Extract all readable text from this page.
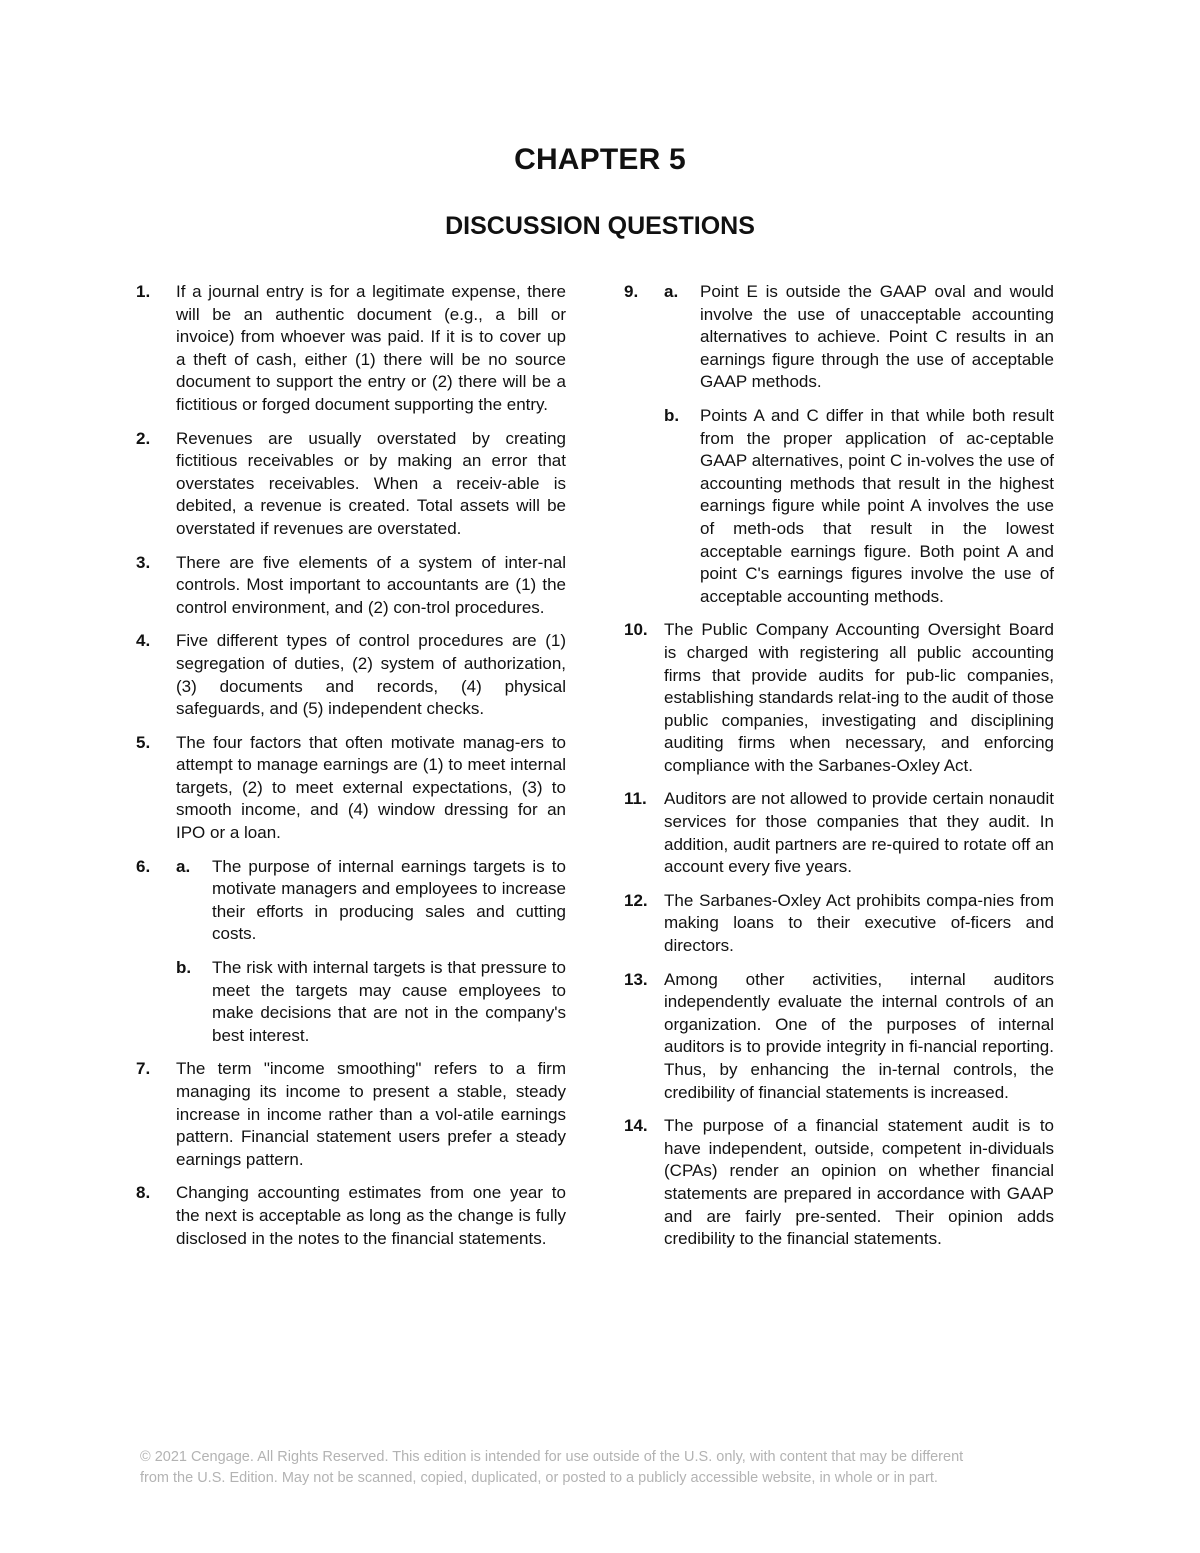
CHAPTER 5
DISCUSSION QUESTIONS
1.	If a journal entry is for a legitimate expense, there will be an authentic document (e.g., a bill or invoice) from whoever was paid. If it is to cover up a theft of cash, either (1) there will be no source document to support the entry or (2) there will be a fictitious or forged document supporting the entry.

2.	Revenues are usually overstated by creating fictitious receivables or by making an error that overstates receivables. When a receiv-able is debited, a revenue is created. Total assets will be overstated if revenues are overstated.

3.	There are five elements of a system of inter-nal controls. Most important to accountants are (1) the control environment, and (2) con-trol procedures.

4.	Five different types of control procedures are (1) segregation of duties, (2) system of authorization, (3) documents and records, (4) physical safeguards, and (5) independent checks.

5.	The four factors that often motivate manag-ers to attempt to manage earnings are (1) to meet internal targets, (2) to meet external expectations, (3) to smooth income, and (4) window dressing for an IPO or a loan.

6.	a.	The purpose of internal earnings targets is to motivate managers and employees to increase their efforts in producing sales and cutting costs.

b.	The risk with internal targets is that pressure to meet the targets may cause employees to make decisions that are not in the company's best interest.

7.	The term "income smoothing" refers to a firm managing its income to present a stable, steady increase in income rather than a vol-atile earnings pattern. Financial statement users prefer a steady earnings pattern.

8.	Changing accounting estimates from one year to the next is acceptable as long as the change is fully disclosed in the notes to the financial statements.

9.	a.	Point E is outside the GAAP oval and would involve the use of unacceptable accounting alternatives to achieve. Point C results in an earnings figure through the use of acceptable GAAP methods.

b.	Points A and C differ in that while both result from the proper application of ac-ceptable GAAP alternatives, point C in-volves the use of accounting methods that result in the highest earnings figure while point A involves the use of meth-ods that result in the lowest acceptable earnings figure. Both point A and point C's earnings figures involve the use of acceptable accounting methods.

10. The Public Company Accounting Oversight Board is charged with registering all public accounting firms that provide audits for pub-lic companies, establishing standards relat-ing to the audit of those public companies, investigating and disciplining auditing firms when necessary, and enforcing compliance with the Sarbanes-Oxley Act.

11.	Auditors are not allowed to provide certain nonaudit services for those companies that they audit. In addition, audit partners are re-quired to rotate off an account every five years.

12. The Sarbanes-Oxley Act prohibits compa-nies from making loans to their executive of-ficers and directors.

13. Among other activities, internal auditors independently evaluate the internal controls of an organization. One of the purposes of internal auditors is to provide integrity in fi-nancial reporting. Thus, by enhancing the in-ternal controls, the credibility of financial statements is increased.

14. The purpose of a financial statement audit is to have independent, outside, competent in-dividuals (CPAs) render an opinion on whether financial statements are prepared in accordance with GAAP and are fairly pre-sented. Their opinion adds credibility to the financial statements.

© 2021 Cengage. All Rights Reserved. This edition is intended for use outside of the U.S. only, with content that may be different

from the U.S. Edition. May not be scanned, copied, duplicated, or posted to a publicly accessible website, in whole or in part.
